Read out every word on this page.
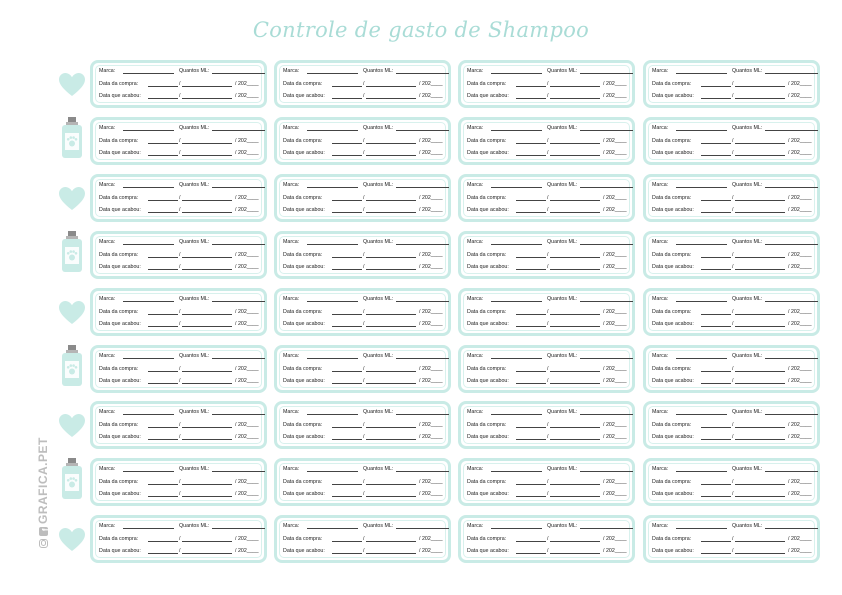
Controle de gasto de Shampoo
f
GRAFICA.PET
Marca:	Quantos ML:
Data da compra:	/	/ 202____
Data que acabou:	/	/ 202____
Marca:	Quantos ML:
Data da compra:	/	/ 202____
Data que acabou:	/	/ 202____
Marca:	Quantos ML:
Data da compra:	/	/ 202____
Data que acabou:	/	/ 202____
Marca:	Quantos ML:
Data da compra:	/	/ 202____
Data que acabou:	/	/ 202____
Marca:	Quantos ML:
Data da compra:	/	/ 202____
Data que acabou:	/	/ 202____
Marca:	Quantos ML:
Data da compra:	/	/ 202____
Data que acabou:	/	/ 202____
Marca:	Quantos ML:
Data da compra:	/	/ 202____
Data que acabou:	/	/ 202____
Marca:	Quantos ML:
Data da compra:	/	/ 202____
Data que acabou:	/	/ 202____
Marca:	Quantos ML:
Data da compra:	/	/ 202____
Data que acabou:	/	/ 202____
Marca:	Quantos ML:
Data da compra:	/	/ 202____
Data que acabou:	/	/ 202____
Marca:	Quantos ML:
Data da compra:	/	/ 202____
Data que acabou:	/	/ 202____
Marca:	Quantos ML:
Data da compra:	/	/ 202____
Data que acabou:	/	/ 202____
Marca:	Quantos ML:
Data da compra:	/	/ 202____
Data que acabou:	/	/ 202____
Marca:	Quantos ML:
Data da compra:	/	/ 202____
Data que acabou:	/	/ 202____
Marca:	Quantos ML:
Data da compra:	/	/ 202____
Data que acabou:	/	/ 202____
Marca:	Quantos ML:
Data da compra:	/	/ 202____
Data que acabou:	/	/ 202____
Marca:	Quantos ML:
Data da compra:	/	/ 202____
Data que acabou:	/	/ 202____
Marca:	Quantos ML:
Data da compra:	/	/ 202____
Data que acabou:	/	/ 202____
Marca:	Quantos ML:
Data da compra:	/	/ 202____
Data que acabou:	/	/ 202____
Marca:	Quantos ML:
Data da compra:	/	/ 202____
Data que acabou:	/	/ 202____
Marca:	Quantos ML:
Data da compra:	/	/ 202____
Data que acabou:	/	/ 202____
Marca:	Quantos ML:
Data da compra:	/	/ 202____
Data que acabou:	/	/ 202____
Marca:	Quantos ML:
Data da compra:	/	/ 202____
Data que acabou:	/	/ 202____
Marca:	Quantos ML:
Data da compra:	/	/ 202____
Data que acabou:	/	/ 202____
Marca:	Quantos ML:
Data da compra:	/	/ 202____
Data que acabou:	/	/ 202____
Marca:	Quantos ML:
Data da compra:	/	/ 202____
Data que acabou:	/	/ 202____
Marca:	Quantos ML:
Data da compra:	/	/ 202____
Data que acabou:	/	/ 202____
Marca:	Quantos ML:
Data da compra:	/	/ 202____
Data que acabou:	/	/ 202____
Marca:	Quantos ML:
Data da compra:	/	/ 202____
Data que acabou:	/	/ 202____
Marca:	Quantos ML:
Data da compra:	/	/ 202____
Data que acabou:	/	/ 202____
Marca:	Quantos ML:
Data da compra:	/	/ 202____
Data que acabou:	/	/ 202____
Marca:	Quantos ML:
Data da compra:	/	/ 202____
Data que acabou:	/	/ 202____
Marca:	Quantos ML:
Data da compra:	/	/ 202____
Data que acabou:	/	/ 202____
Marca:	Quantos ML:
Data da compra:	/	/ 202____
Data que acabou:	/	/ 202____
Marca:	Quantos ML:
Data da compra:	/	/ 202____
Data que acabou:	/	/ 202____
Marca:	Quantos ML:
Data da compra:	/	/ 202____
Data que acabou:	/	/ 202____
